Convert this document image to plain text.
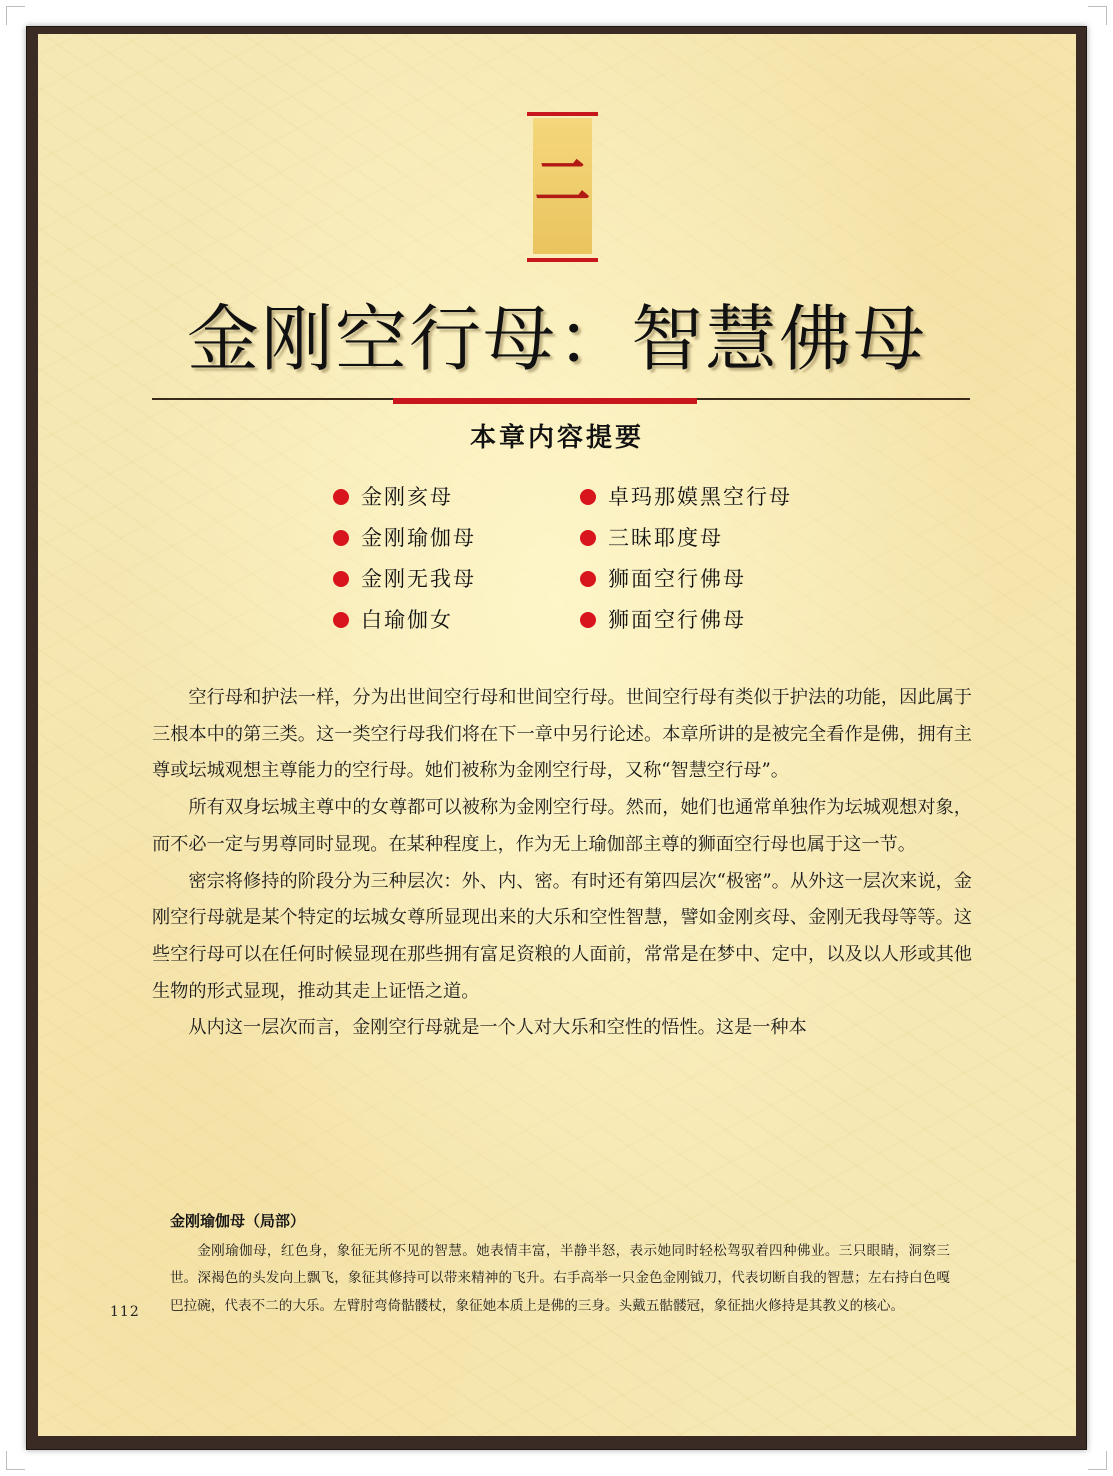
二
金刚空行母：智慧佛母
本章内容提要
金刚亥母
金刚瑜伽母
金刚无我母
白瑜伽女
卓玛那嫫黑空行母
三昧耶度母
狮面空行佛母
狮面空行佛母

空行母和护法一样，分为出世间空行母和世间空行母。世间空行母有类似于护法的功能，因此属于三根本中的第三类。这一类空行母我们将在下一章中另行论述。本章所讲的是被完全看作是佛，拥有主尊或坛城观想主尊能力的空行母。她们被称为金刚空行母，又称“智慧空行母”。

所有双身坛城主尊中的女尊都可以被称为金刚空行母。然而，她们也通常单独作为坛城观想对象，而不必一定与男尊同时显现。在某种程度上，作为无上瑜伽部主尊的狮面空行母也属于这一节。

密宗将修持的阶段分为三种层次：外、内、密。有时还有第四层次“极密”。从外这一层次来说，金刚空行母就是某个特定的坛城女尊所显现出来的大乐和空性智慧，譬如金刚亥母、金刚无我母等等。这些空行母可以在任何时候显现在那些拥有富足资粮的人面前，常常是在梦中、定中，以及以人形或其他生物的形式显现，推动其走上证悟之道。

从内这一层次而言，金刚空行母就是一个人对大乐和空性的悟性。这是一种本

金刚瑜伽母（局部）

金刚瑜伽母，红色身，象征无所不见的智慧。她表情丰富，半静半怒，表示她同时轻松驾驭着四种佛业。三只眼睛，洞察三世。深褐色的头发向上飘飞，象征其修持可以带来精神的飞升。右手高举一只金色金刚钺刀，代表切断自我的智慧；左右持白色嘎巴拉碗，代表不二的大乐。左臂肘弯倚骷髅杖，象征她本质上是佛的三身。头戴五骷髅冠，象征拙火修持是其教义的核心。

112
